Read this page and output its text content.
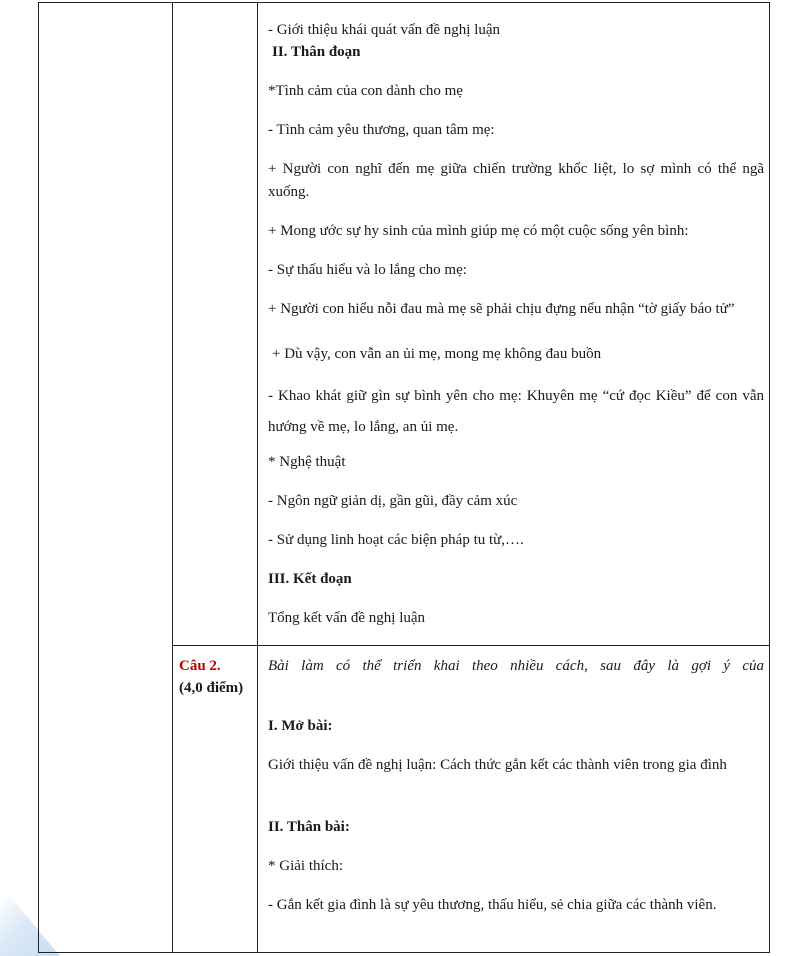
- Giới thiệu khái quát vấn đề nghị luận

II. Thân đoạn

*Tình cảm của con dành cho mẹ

- Tình cảm yêu thương, quan tâm mẹ:

+ Người con nghĩ đến mẹ giữa chiến trường khốc liệt, lo sợ mình có thể ngã xuống.

+ Mong ước sự hy sinh của mình giúp mẹ có một cuộc sống yên bình:

- Sự thấu hiểu và lo lắng cho mẹ:

+ Người con hiểu nỗi đau mà mẹ sẽ phải chịu đựng nếu nhận “tờ giấy báo tử”

+ Dù vậy, con vẫn an ủi mẹ, mong mẹ không đau buồn

- Khao khát giữ gìn sự bình yên cho mẹ: Khuyên mẹ “cứ đọc Kiều” để con vẫn hướng về mẹ, lo lắng, an ủi mẹ.

* Nghệ thuật

- Ngôn ngữ giản dị, gần gũi, đầy cảm xúc

- Sử dụng linh hoạt các biện pháp tu từ,….

III. Kết đoạn

Tổng kết vấn đề nghị luận

Câu 2.

(4,0 điểm)

Bài làm có thể triển khai theo nhiều cách, sau đây là gợi ý của

I. Mở bài:

Giới thiệu vấn đề nghị luận: Cách thức gắn kết các thành viên trong gia đình

II. Thân bài:

* Giải thích:

- Gắn kết gia đình là sự yêu thương, thấu hiểu, sẻ chia giữa các thành viên.
